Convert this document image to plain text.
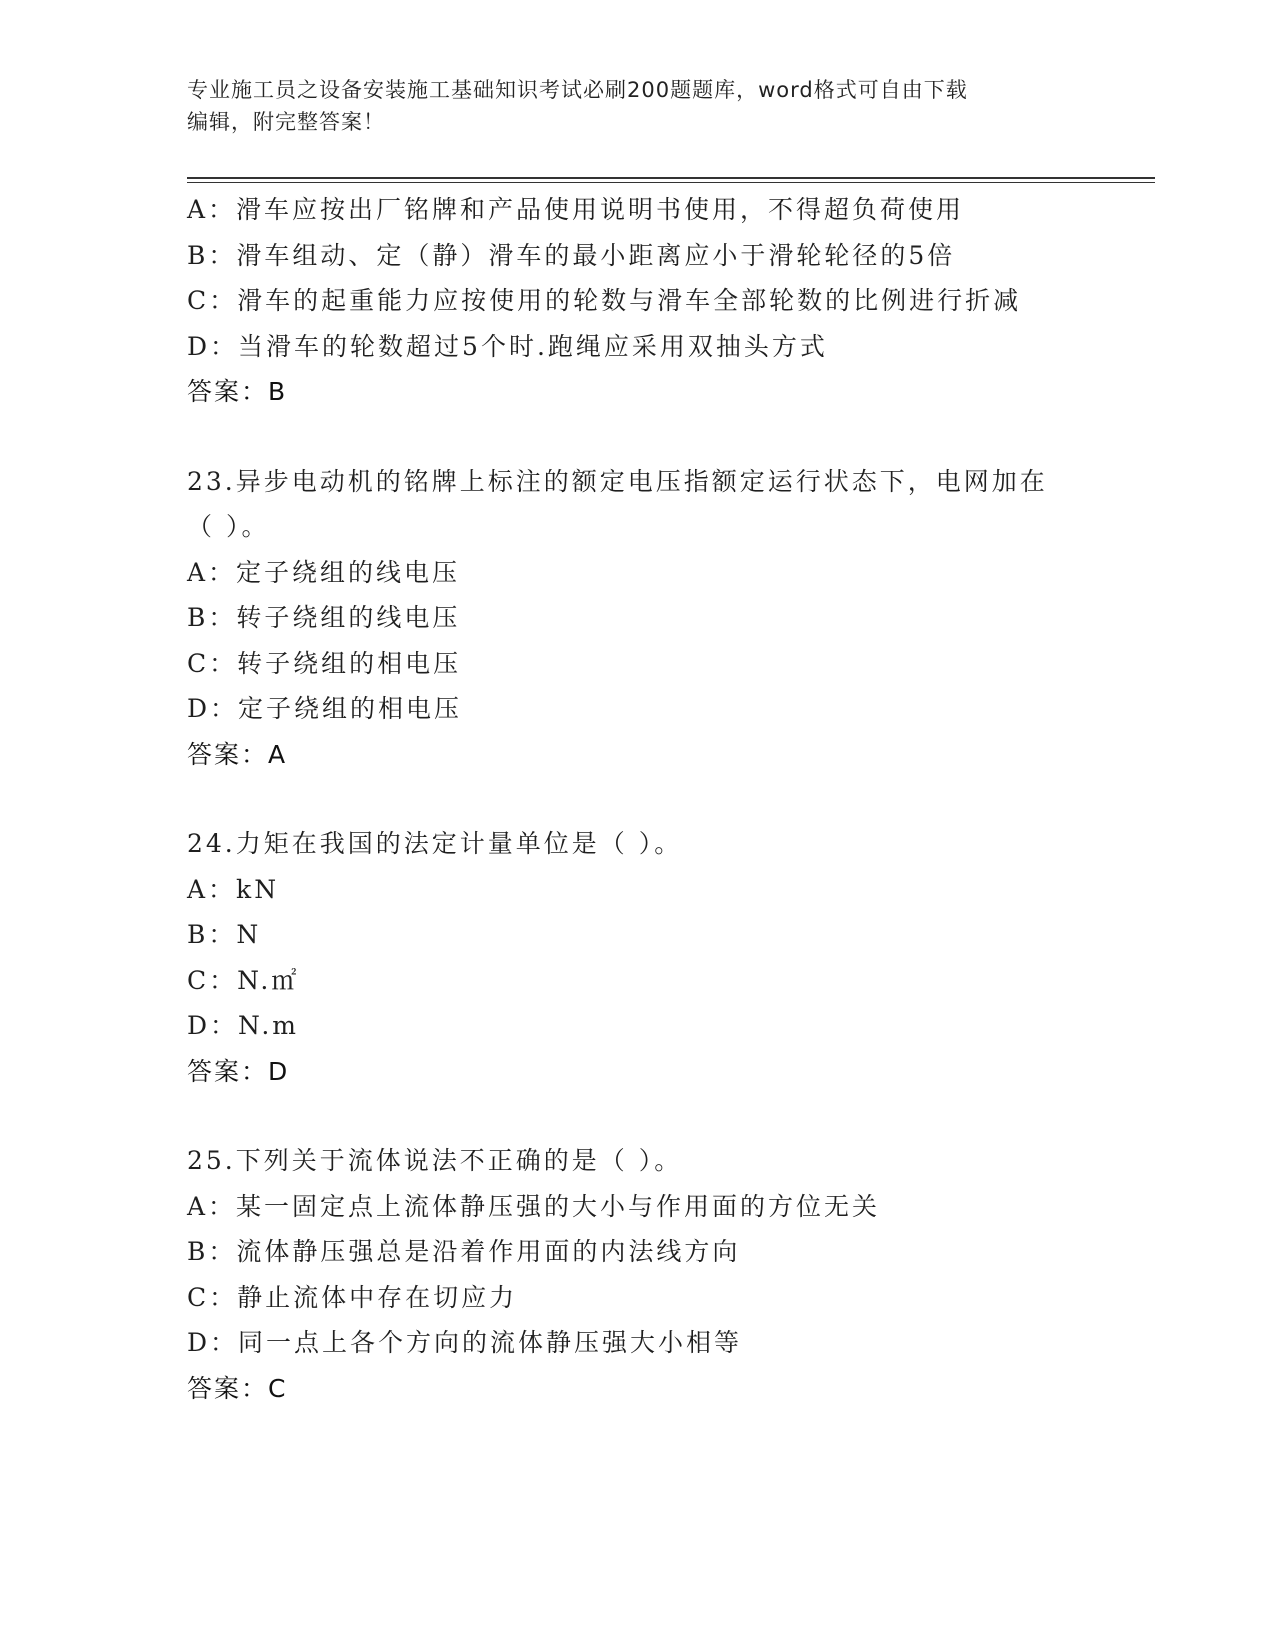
专业施工员之设备安装施工基础知识考试必刷200题题库，word格式可自由下载
编辑，附完整答案！
A：滑车应按出厂铭牌和产品使用说明书使用，不得超负荷使用
B：滑车组动、定（静）滑车的最小距离应小于滑轮轮径的5倍
C：滑车的起重能力应按使用的轮数与滑车全部轮数的比例进行折减
D：当滑车的轮数超过5个时.跑绳应采用双抽头方式
答案：B
23.异步电动机的铭牌上标注的额定电压指额定运行状态下，电网加在
（ ）。
A：定子绕组的线电压
B：转子绕组的线电压
C：转子绕组的相电压
D：定子绕组的相电压
答案：A
24.力矩在我国的法定计量单位是（ ）。
A：kN
B：N
C：N.㎡
D：N.m
答案：D
25.下列关于流体说法不正确的是（ ）。
A：某一固定点上流体静压强的大小与作用面的方位无关
B：流体静压强总是沿着作用面的内法线方向
C：静止流体中存在切应力
D：同一点上各个方向的流体静压强大小相等
答案：C
